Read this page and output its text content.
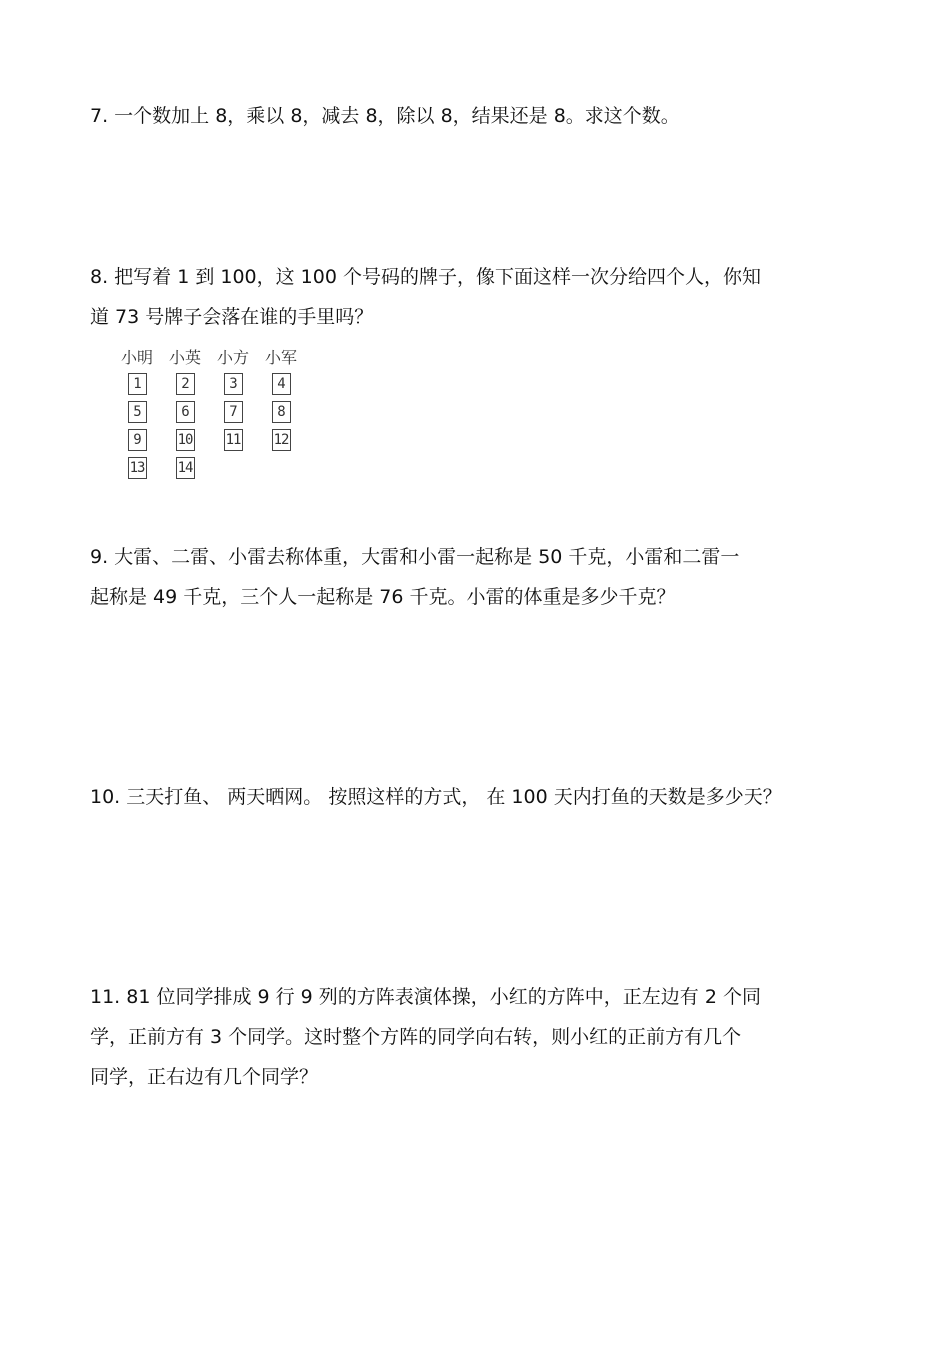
7. 一个数加上 8，乘以 8，减去 8，除以 8，结果还是 8。求这个数。
8. 把写着 1 到 100，这 100 个号码的牌子，像下面这样一次分给四个人，你知
道 73 号牌子会落在谁的手里吗？
小明
1
5
9
13
小英
2
6
10
14
小方
3
7
11
小军
4
8
12
9. 大雷、二雷、小雷去称体重，大雷和小雷一起称是 50 千克，小雷和二雷一
起称是 49 千克，三个人一起称是 76 千克。小雷的体重是多少千克？
10. 三天打鱼、 两天晒网。 按照这样的方式， 在 100 天内打鱼的天数是多少天？
11. 81 位同学排成 9 行 9 列的方阵表演体操，小红的方阵中，正左边有 2 个同
学，正前方有 3 个同学。这时整个方阵的同学向右转，则小红的正前方有几个
同学，正右边有几个同学？
